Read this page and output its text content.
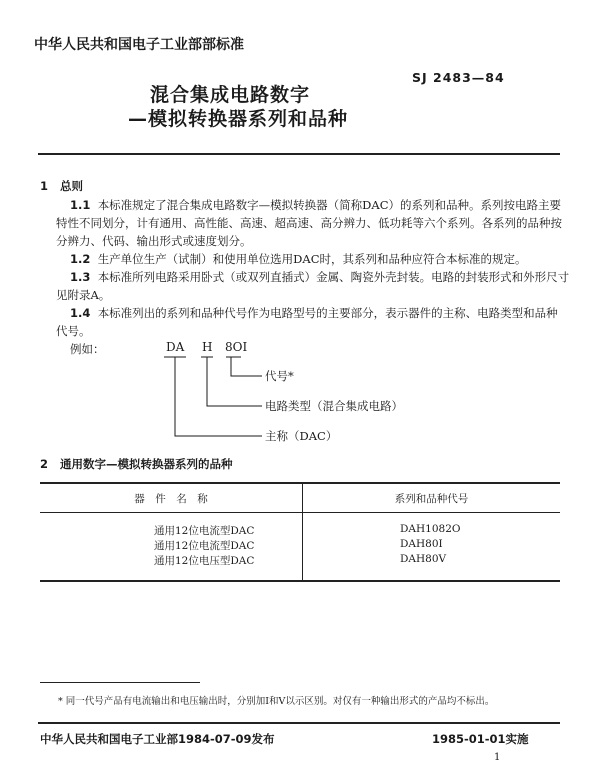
中华人民共和国电子工业部部标准
混合集成电路数字
—模拟转换器系列和品种
SJ 2483—84
1 总则
1.1 本标准规定了混合集成电路数字—模拟转换器（简称DAC）的系列和品种。系列按电路主要
特性不同划分，计有通用、高性能、高速、超高速、高分辨力、低功耗等六个系列。各系列的品种按
分辨力、代码、输出形式或速度划分。
1.2 生产单位生产（试制）和使用单位选用DAC时，其系列和品种应符合本标准的规定。
1.3 本标准所列电路采用卧式（或双列直插式）金属、陶瓷外壳封装。电路的封装形式和外形尺寸
见附录A。
1.4 本标准列出的系列和品种代号作为电路型号的主要部分，表示器件的主称、电路类型和品种
代号。
例如：	DA H 8OI
代号*
电路类型（混合集成电路）
主称（DAC）
2 通用数字—模拟转换器系列的品种
器　件　名　称	系列和品种代号
通用12位电流型DAC	DAH1082O
通用12位电流型DAC	DAH80I
通用12位电压型DAC	DAH80V
* 同一代号产品有电流输出和电压输出时，分别加I和V以示区别。对仅有一种输出形式的产品均不标出。
中华人民共和国电子工业部1984-07-09发布	1985-01-01实施
1
